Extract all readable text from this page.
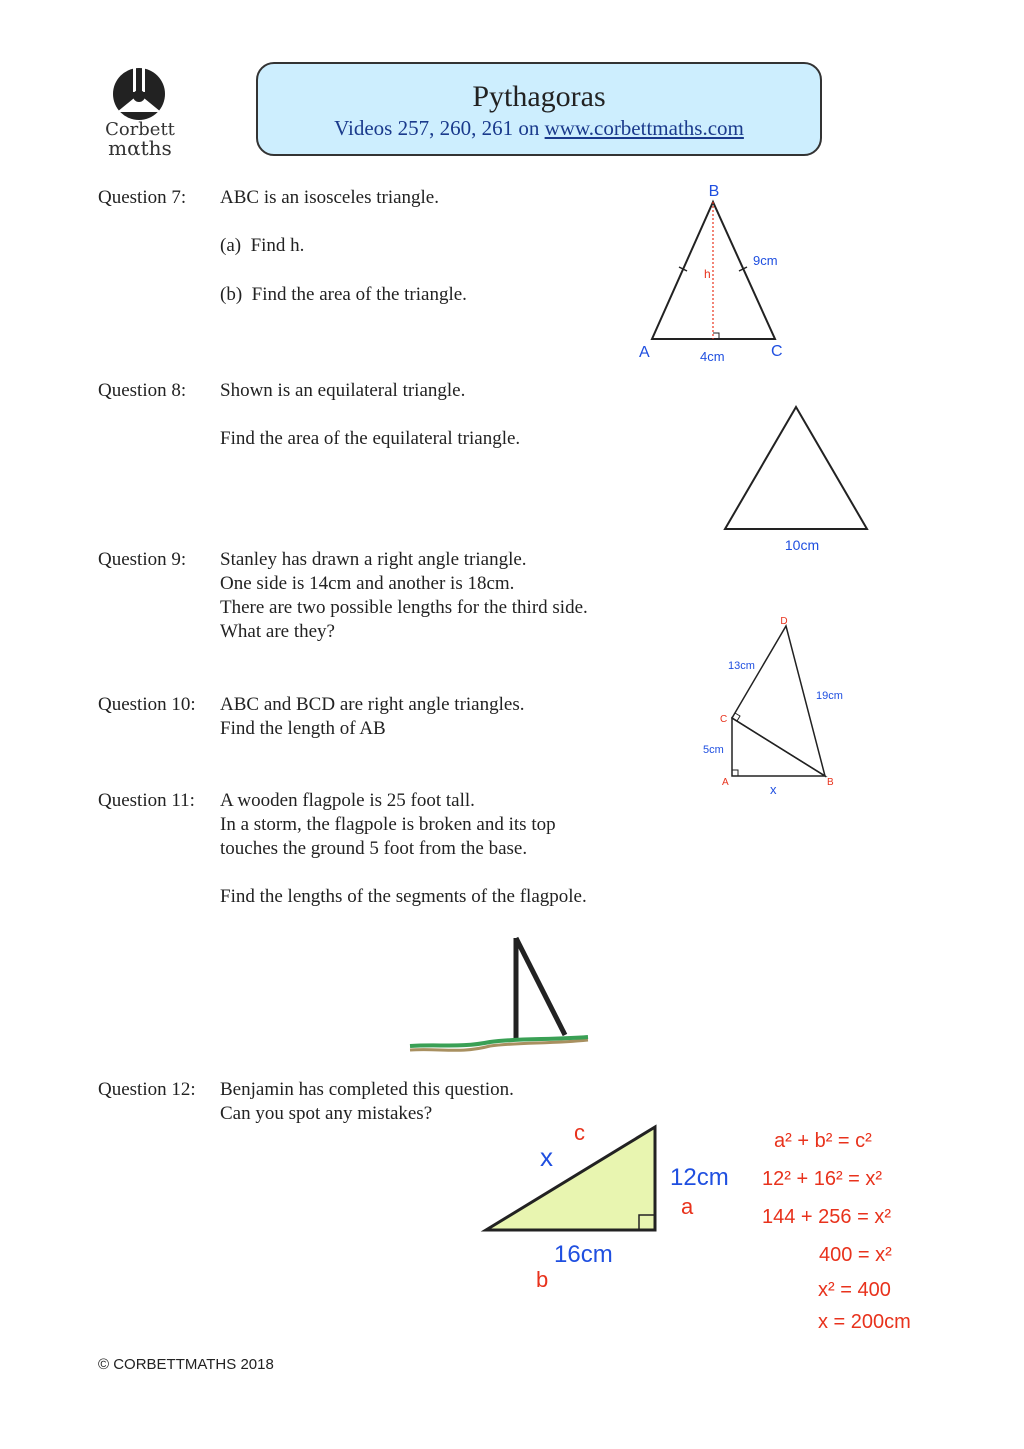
Corbett
mαths
Pythagoras
Videos 257, 260, 261 on www.corbettmaths.com
Question 7:	ABC is an isosceles triangle.
(a)  Find h.
(b)  Find the area of the triangle.
Question 8:	Shown is an equilateral triangle.
Find the area of the equilateral triangle.
Question 9:	Stanley has drawn a right angle triangle.
One side is 14cm and another is 18cm.
There are two possible lengths for the third side.
What are they?
Question 10:	ABC and BCD are right angle triangles.
Find the length of AB
Question 11:	A wooden flagpole is 25 foot tall.
In a storm, the flagpole is broken and its top
touches the ground 5 foot from the base.
Find the lengths of the segments of the flagpole.
Question 12:	Benjamin has completed this question.
Can you spot any mistakes?
B
A	C
9cm
h
4cm
10cm
D
C
A	B
13cm
19cm
5cm
x
c
x
16cm
b
12cm
a
a² + b² = c²
12² + 16² = x²
144 + 256 = x²
400 = x²
x² = 400
x = 200cm
© CORBETTMATHS 2018
